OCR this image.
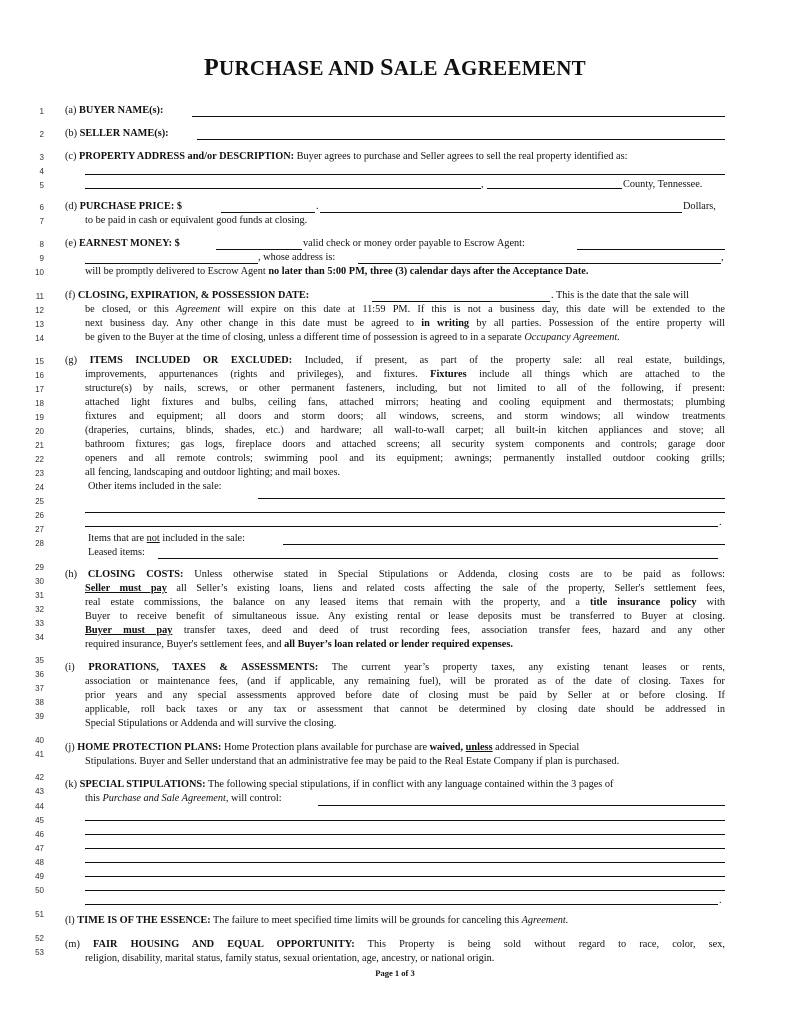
PURCHASE AND SALE AGREEMENT
1
2
3
4
5
6
7
8
9
10
11
12
13
14
15
16
17
18
19
20
21
22
23
24
25
26
27
28
29
30
31
32
33
34
35
36
37
38
39
40
41
42
43
44
45
46
47
48
49
50
51
52
53
(a) BUYER NAME(s):
(b) SELLER NAME(s):
(c) PROPERTY ADDRESS and/or DESCRIPTION: Buyer agrees to purchase and Seller agrees to sell the real property identified as:
,	County, Tennessee.
(d) PURCHASE PRICE: $	.	Dollars,
to be paid in cash or equivalent good funds at closing.
(e) EARNEST MONEY: $	valid check or money order payable to Escrow Agent:
, whose address is:	,
will be promptly delivered to Escrow Agent no later than 5:00 PM, three (3) calendar days after the Acceptance Date.
(f) CLOSING, EXPIRATION, & POSSESSION DATE:	. This is the date that the sale will
be closed, or this Agreement will expire on this date at 11:59 PM. If this is not a business day, this date will be extended to the
next business day. Any other change in this date must be agreed to in writing by all parties. Possession of the entire property will
be given to the Buyer at the time of closing, unless a different time of possession is agreed to in a separate Occupancy Agreement.
(g) ITEMS INCLUDED OR EXCLUDED: Included, if present, as part of the property sale: all real estate, buildings,
improvements, appurtenances (rights and privileges), and fixtures. Fixtures include all things which are attached to the
structure(s) by nails, screws, or other permanent fasteners, including, but not limited to all of the following, if present:
attached light fixtures and bulbs, ceiling fans, attached mirrors; heating and cooling equipment and thermostats; plumbing
fixtures and equipment; all doors and storm doors; all windows, screens, and storm windows; all window treatments
(draperies, curtains, blinds, shades, etc.) and hardware; all wall-to-wall carpet; all built-in kitchen appliances and stove; all
bathroom fixtures; gas logs, fireplace doors and attached screens; all security system components and controls; garage door
openers and all remote controls; swimming pool and its equipment; awnings; permanently installed outdoor cooking grills;
all fencing, landscaping and outdoor lighting; and mail boxes.
Other items included in the sale:
.
Items that are not included in the sale:
Leased items:
(h) CLOSING COSTS: Unless otherwise stated in Special Stipulations or Addenda, closing costs are to be paid as follows:
Seller must pay all Seller’s existing loans, liens and related costs affecting the sale of the property, Seller's settlement fees,
real estate commissions, the balance on any leased items that remain with the property, and a title insurance policy with
Buyer to receive benefit of simultaneous issue. Any existing rental or lease deposits must be transferred to Buyer at closing.
Buyer must pay transfer taxes, deed and deed of trust recording fees, association transfer fees, hazard and any other
required insurance, Buyer's settlement fees, and all Buyer’s loan related or lender required expenses.
(i) PRORATIONS, TAXES & ASSESSMENTS: The current year’s property taxes, any existing tenant leases or rents,
association or maintenance fees, (and if applicable, any remaining fuel), will be prorated as of the date of closing. Taxes for
prior years and any special assessments approved before date of closing must be paid by Seller at or before closing. If
applicable, roll back taxes or any tax or assessment that cannot be determined by closing date should be addressed in
Special Stipulations or Addenda and will survive the closing.
(j) HOME PROTECTION PLANS: Home Protection plans available for purchase are waived, unless addressed in Special
Stipulations. Buyer and Seller understand that an administrative fee may be paid to the Real Estate Company if plan is purchased.
(k) SPECIAL STIPULATIONS: The following special stipulations, if in conflict with any language contained within the 3 pages of
this Purchase and Sale Agreement, will control:
.
(l) TIME IS OF THE ESSENCE: The failure to meet specified time limits will be grounds for canceling this Agreement.
(m) FAIR HOUSING AND EQUAL OPPORTUNITY: This Property is being sold without regard to race, color, sex,
religion, disability, marital status, family status, sexual orientation, age, ancestry, or national origin.
Page 1 of 3
